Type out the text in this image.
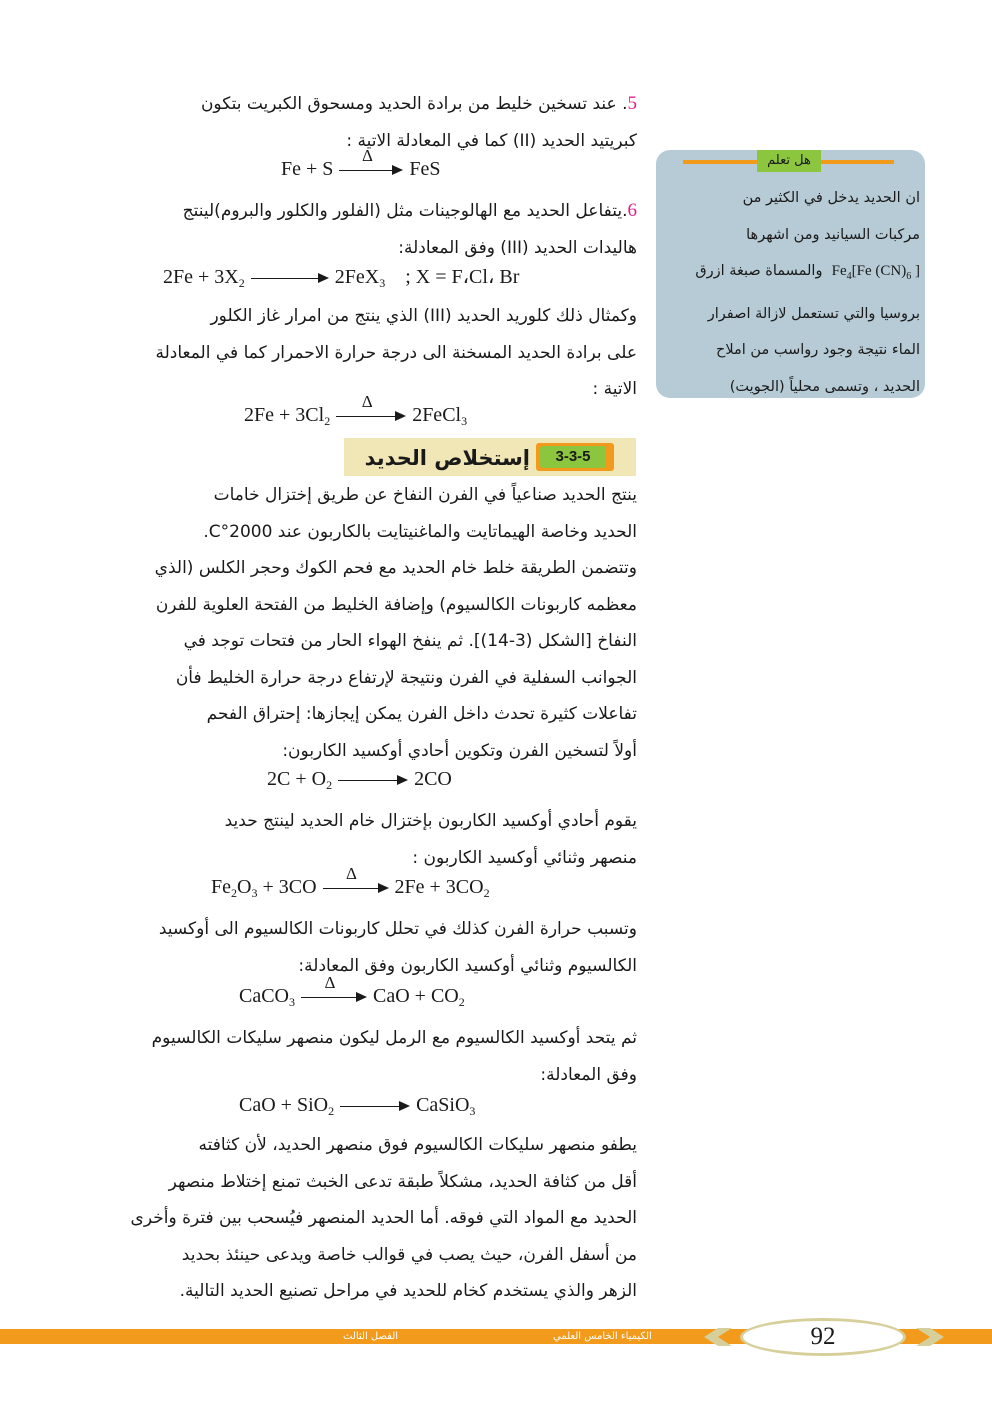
5. عند تسخين خليط من برادة الحديد ومسحوق الكبريت بتكون

كبريتيد الحديد (II) كما في المعادلة الاتية :

Fe + S
Δ
FeS

6.يتفاعل الحديد مع الهالوجينات مثل (الفلور والكلور والبروم)لينتج

هاليدات الحديد (III) وفق المعادلة:

$2Fe + 3X_2$	2FeX$_3$ ; X = F،Cl، Br

وكمثال ذلك كلوريد الحديد (III) الذي ينتج من امرار غاز الكلور

على برادة الحديد المسخنة الى درجة حرارة الاحمرار كما في المعادلة

الاتية :

$2Fe + 3Cl_2$
Δ
2FeCl$_3$
3-3-5
إستخلاص الحديد

ينتج الحديد صناعياً في الفرن النفاخ عن طريق إختزال خامات

الحديد وخاصة الهيماتايت والماغنيتايت بالكاربون عند 2000°C.

وتتضمن الطريقة خلط خام الحديد مع فحم الكوك وحجر الكلس (الذي

معظمه كاربونات الكالسيوم) وإضافة الخليط من الفتحة العلوية للفرن

النفاخ [الشكل (3-14)]. ثم ينفخ الهواء الحار من فتحات توجد في

الجوانب السفلية في الفرن ونتيجة لإرتفاع درجة حرارة الخليط فأن

تفاعلات كثيرة تحدث داخل الفرن يمكن إيجازها: إحتراق الفحم

أولاً لتسخين الفرن وتكوين أحادي أوكسيد الكاربون:

$2C + O_2$	2CO

يقوم أحادي أوكسيد الكاربون بإختزال خام الحديد لينتج حديد

منصهر وثنائي أوكسيد الكاربون :

$Fe_2O_3 + 3CO$
Δ
$2Fe + 3CO_2$

وتسبب حرارة الفرن كذلك في تحلل كاربونات الكالسيوم الى أوكسيد

الكالسيوم وثنائي أوكسيد الكاربون وفق المعادلة:

CaCO$_3$
Δ
CaO + $CO_2$

ثم يتحد أوكسيد الكالسيوم مع الرمل ليكون منصهر سليكات الكالسيوم

وفق المعادلة:

CaO + SiO$_2$	CaSiO$_3$

يطفو منصهر سليكات الكالسيوم فوق منصهر الحديد، لأن كثافته

أقل من كثافة الحديد، مشكلاً طبقة تدعى الخبث تمنع إختلاط منصهر

الحديد مع المواد التي فوقه. أما الحديد المنصهر فيُسحب بين فترة وأخرى

من أسفل الفرن، حيث يصب في قوالب خاصة ويدعى حينئذ بحديد

الزهر والذي يستخدم كخام للحديد في مراحل تصنيع الحديد التالية.

هل تعلم
ان الحديد يدخل في الكثير من
مركبات السيانيد ومن اشهرها
$Fe_4[Fe$ $(CN)_6$ ]  والمسماة صبغة ازرق
بروسيا والتي تستعمل لازالة اصفرار
الماء نتيجة وجود رواسب من املاح
الحديد ، وتسمى محلياً (الجويت)
الكيمياء الخامس العلمي
الفصل الثالث	92
